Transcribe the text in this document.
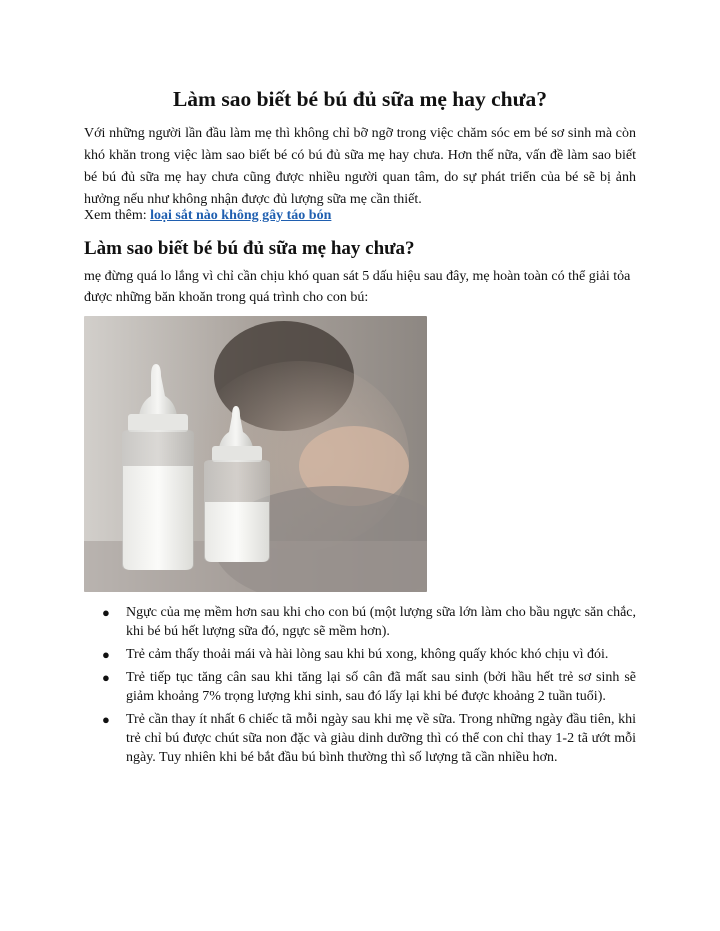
Làm sao biết bé bú đủ sữa mẹ hay chưa?

Với những người lần đầu làm mẹ thì không chỉ bỡ ngỡ trong việc chăm sóc em bé sơ sinh mà còn khó khăn trong việc làm sao biết bé có bú đủ sữa mẹ hay chưa. Hơn thế nữa, vấn đề làm sao biết bé bú đủ sữa mẹ hay chưa cũng được nhiều người quan tâm, do sự phát triển của bé sẽ bị ảnh hưởng nếu như không nhận được đủ lượng sữa mẹ cần thiết.

Xem thêm: loại sắt nào không gây táo bón

Làm sao biết bé bú đủ sữa mẹ hay chưa?

mẹ đừng quá lo lắng vì chỉ cần chịu khó quan sát 5 dấu hiệu sau đây, mẹ hoàn toàn có thể giải tỏa được những băn khoăn trong quá trình cho con bú:

● Ngực của mẹ mềm hơn sau khi cho con bú (một lượng sữa lớn làm cho bầu ngực săn chắc, khi bé bú hết lượng sữa đó, ngực sẽ mềm hơn).
● Trẻ cảm thấy thoải mái và hài lòng sau khi bú xong, không quấy khóc khó chịu vì đói.
● Trẻ tiếp tục tăng cân sau khi tăng lại số cân đã mất sau sinh (bởi hầu hết trẻ sơ sinh sẽ giảm khoảng 7% trọng lượng khi sinh, sau đó lấy lại khi bé được khoảng 2 tuần tuổi).
● Trẻ cần thay ít nhất 6 chiếc tã mỗi ngày sau khi mẹ về sữa. Trong những ngày đầu tiên, khi trẻ chỉ bú được chút sữa non đặc và giàu dinh dưỡng thì có thể con chỉ thay 1-2 tã ướt mỗi ngày. Tuy nhiên khi bé bắt đầu bú bình thường thì số lượng tã cần nhiều hơn.
